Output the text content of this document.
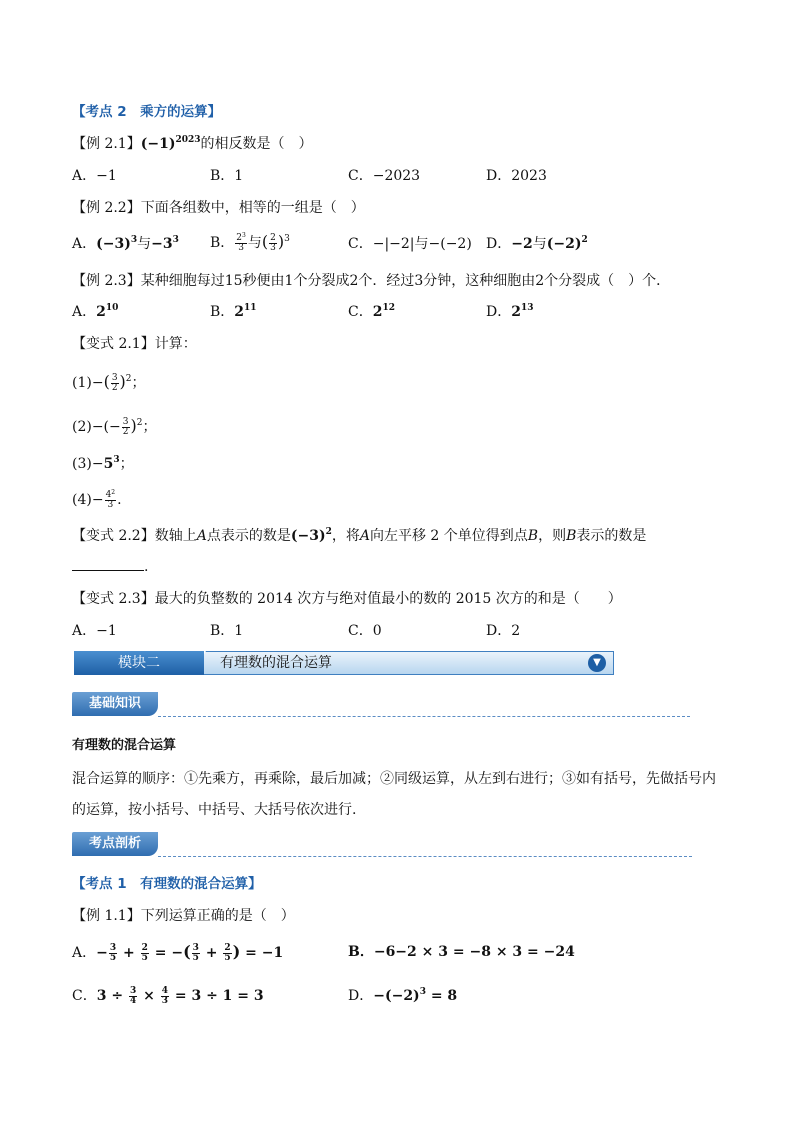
【考点 2　乘方的运算】
【例 2.1】$(-1)^{2023}$的相反数是（　）
A．−1	B．1	C．−2023	D．2023
【例 2.2】下面各组数中，相等的一组是（　）
A．$(-3)^3$与$-3^3$ B． $\frac{2^3}{3}$ 与( $\frac{2}{3} )^3$	C．−|−2|与−(−2) D．−2与$(-2)^2$
【例 2.3】某种细胞每过15秒便由1个分裂成2个．经过3分钟，这种细胞由2个分裂成（　）个．
A．$2^{10}$	B．$2^{11}$	C．$2^{12}$	D．$2^{13}$
【变式 2.1】计算：
$(1)-( \frac{3}{2} )^2$；
$(2)-(- \frac{3}{2} )^2$；
$(3)-5^3$；
$(4)- \frac{4^2}{3}$ .
【变式 2.2】数轴上A点表示的数是$(-3)^2$，将A向左平移 2 个单位得到点B，则B表示的数是
.
【变式 2.3】最大的负整数的 2014 次方与绝对值最小的数的 2015 次方的和是（　　）
A．−1	B．1	C．0	D．2
模块二	有理数的混合运算	▼
基础知识
有理数的混合运算
混合运算的顺序：①先乘方，再乘除，最后加减；②同级运算，从左到右进行；③如有括号，先做括号内
的运算，按小括号、中括号、大括号依次进行.
考点剖析
【考点 1　有理数的混合运算】
【例 1.1】下列运算正确的是（　）
A．− $\frac{3}{5} + \frac{2}{5}$ = −( $\frac{3}{5} + \frac{2}{5}$ ) = −1	B．−6−2 × 3 = −8 × 3 = −24
C．$3 \div \frac{3}{4} \times \frac{4}{3} = 3 \div 1 = 3$	D．$-(-2)^3 = 8$
